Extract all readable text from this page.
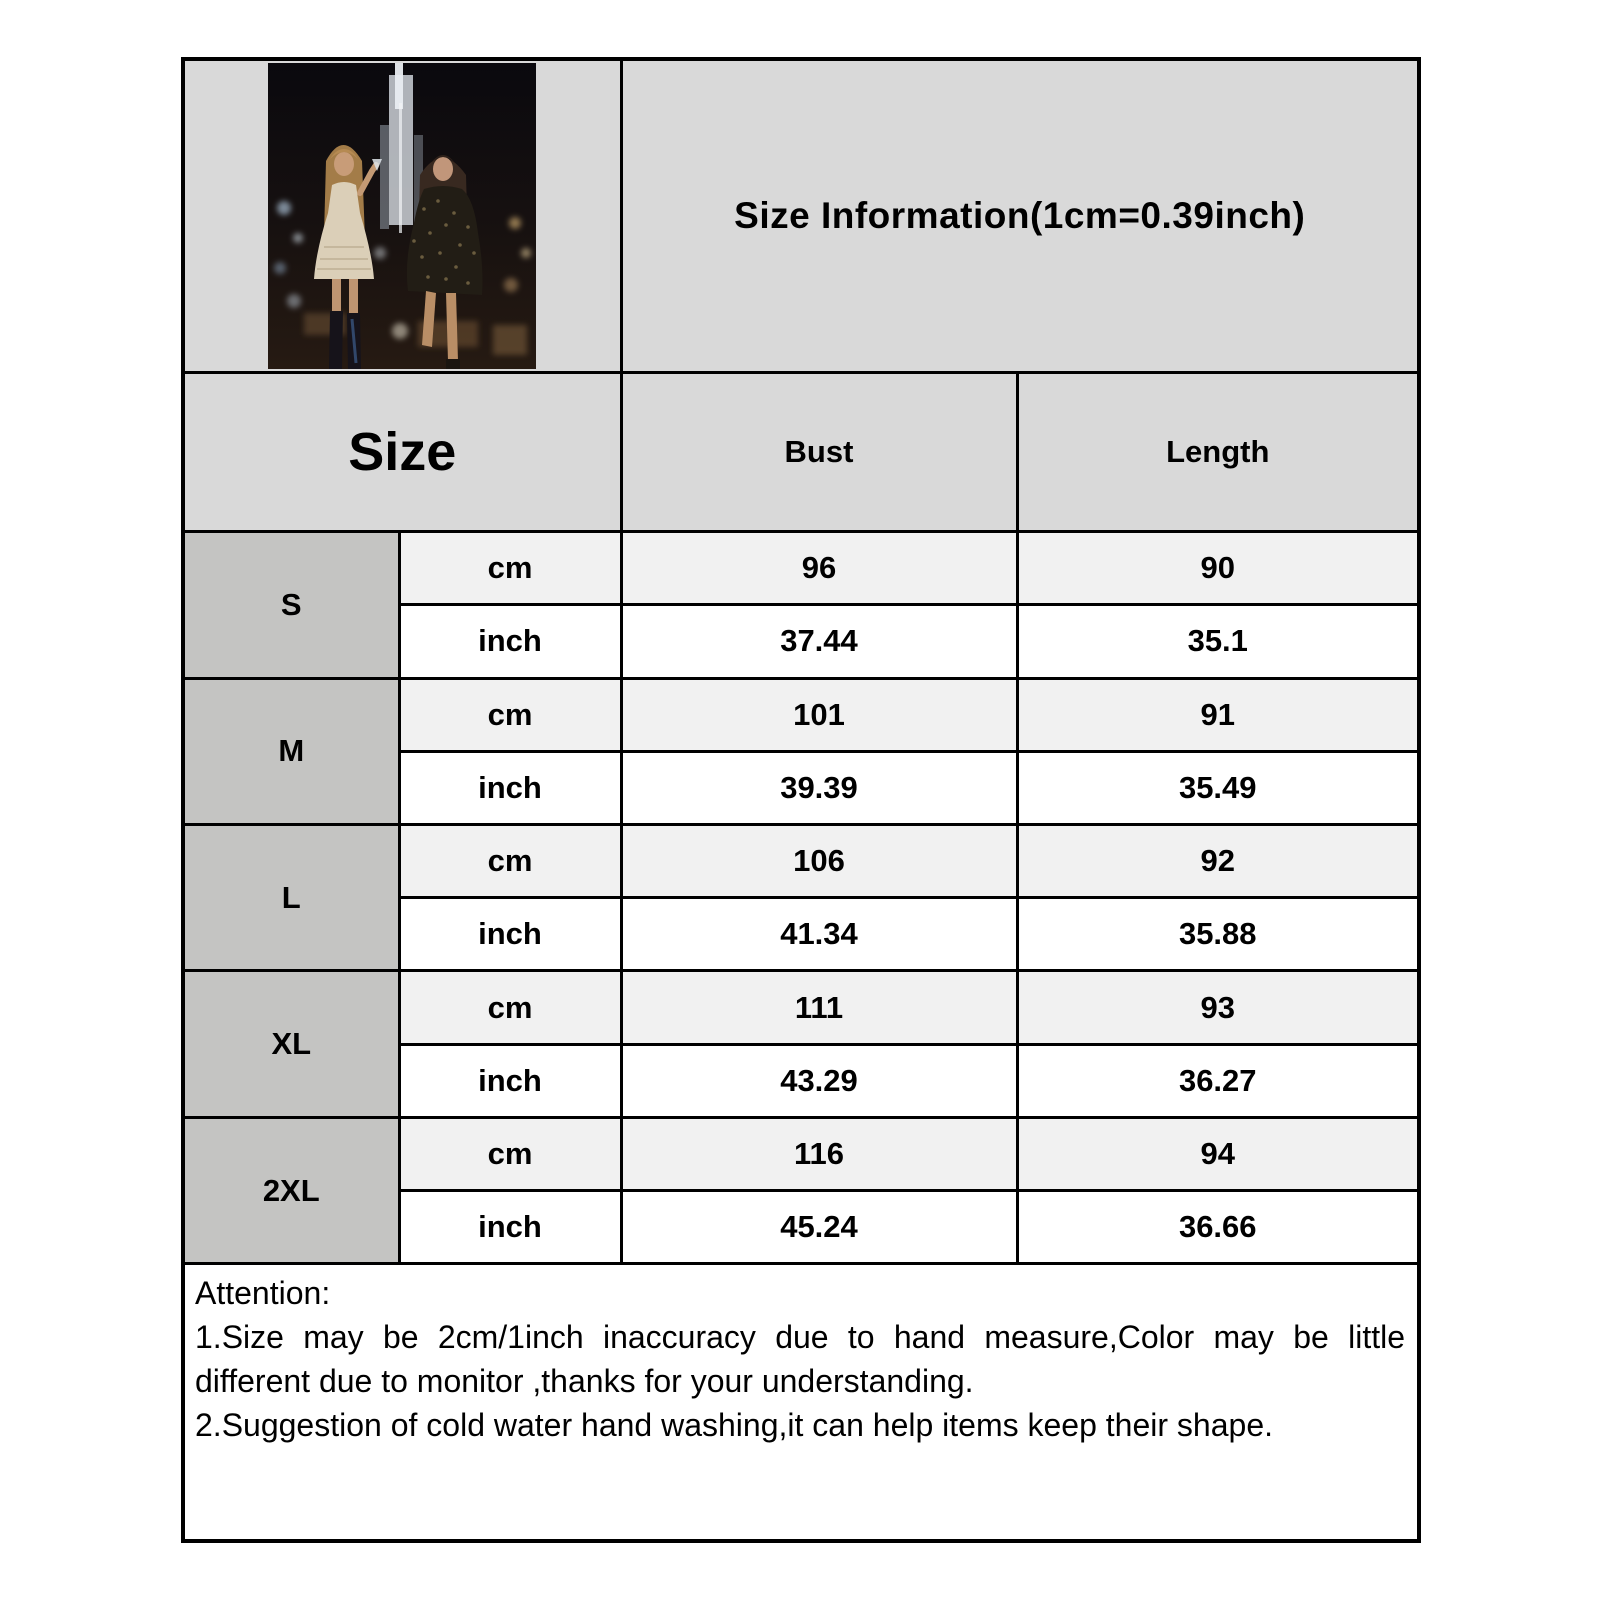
	Size Information(1cm=0.39inch)	
Size		Bust	Length
S	cm	96	90
	inch	37.44	35.1
M	cm	101	91
	inch	39.39	35.49
L	cm	106	92
	inch	41.34	35.88
XL	cm	111	93
	inch	43.29	36.27
2XL	cm	116	94
	inch	45.24	36.66

Attention:

1.Size may be 2cm/1inch inaccuracy due to hand measure,Color may be little different due to monitor ,thanks for your understanding.

2.Suggestion of cold water hand washing,it can help items keep their shape.			
